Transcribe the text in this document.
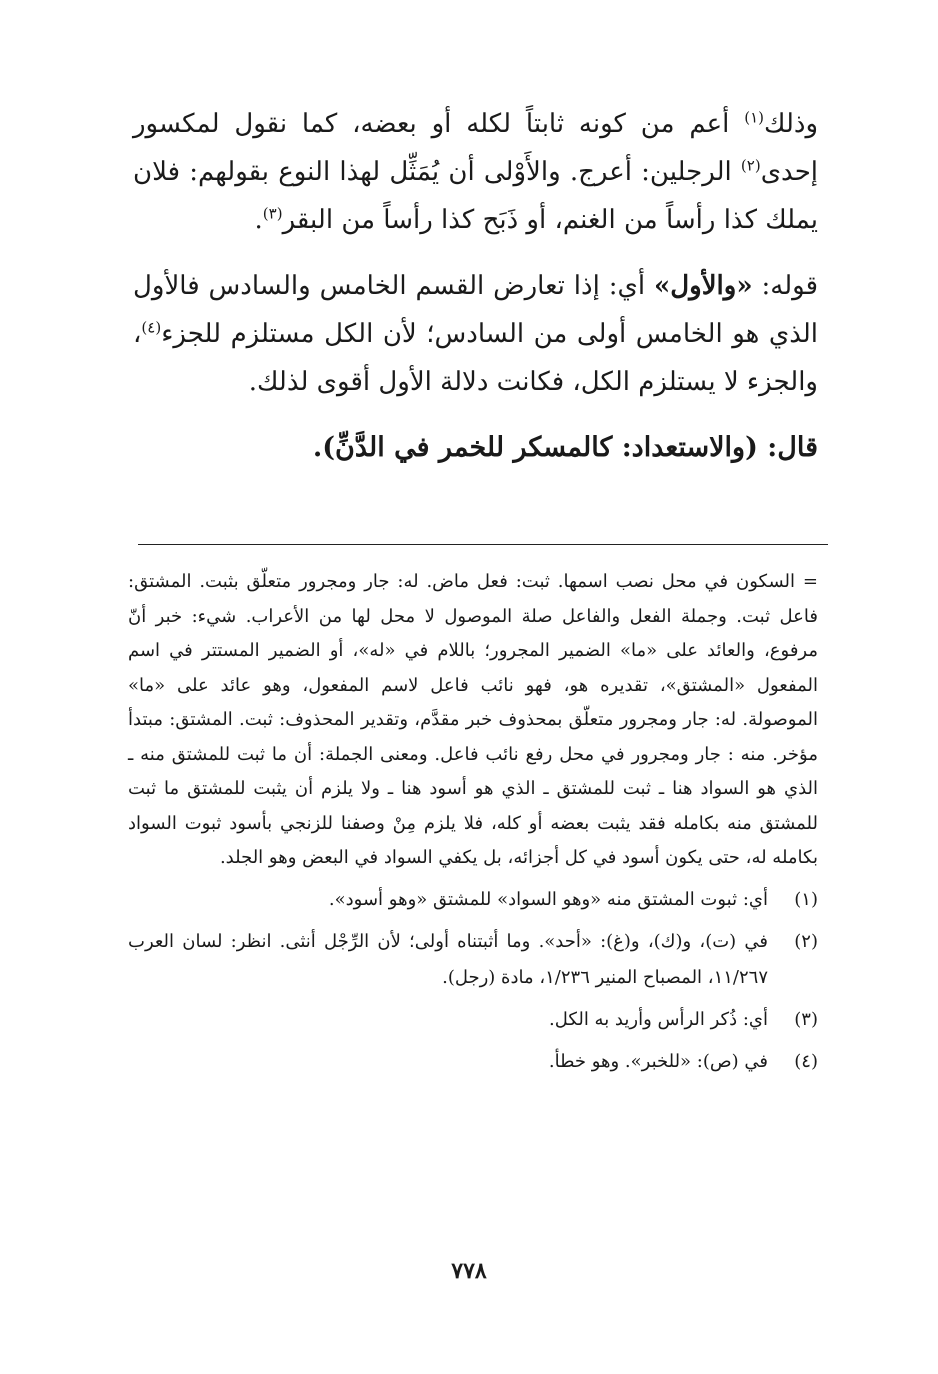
وذلك$^{(١)}$ أعم من كونه ثابتاً لكله أو بعضه، كما نقول لمكسور إحدى$^{(٢)}$ الرجلين: أعرج. والأَوْلى أن يُمَثِّل لهذا النوع بقولهم: فلان يملك كذا رأساً من الغنم، أو ذَبَح كذا رأساً من البقر$^{(٣)}$.

قوله: «والأول» أي: إذا تعارض القسم الخامس والسادس فالأول الذي هو الخامس أولى من السادس؛ لأن الكل مستلزم للجزء$^{(٤)}$، والجزء لا يستلزم الكل، فكانت دلالة الأول أقوى لذلك.

قال: (والاستعداد: كالمسكر للخمر في الدَّنِّ).

= السكون في محل نصب اسمها. ثبت: فعل ماض. له: جار ومجرور متعلّق بثبت. المشتق: فاعل ثبت. وجملة الفعل والفاعل صلة الموصول لا محل لها من الأعراب. شيء: خبر أنّ مرفوع، والعائد على «ما» الضمير المجرور؛ باللام في «له»، أو الضمير المستتر في اسم المفعول «المشتق»، تقديره هو، فهو نائب فاعل لاسم المفعول، وهو عائد على «ما» الموصولة. له: جار ومجرور متعلّق بمحذوف خبر مقدَّم، وتقدير المحذوف: ثبت. المشتق: مبتدأ مؤخر. منه : جار ومجرور في محل رفع نائب فاعل. ومعنى الجملة: أن ما ثبت للمشتق منه ـ الذي هو السواد هنا ـ ثبت للمشتق ـ الذي هو أسود هنا ـ ولا يلزم أن يثبت للمشتق ما ثبت للمشتق منه بكامله فقد يثبت بعضه أو كله، فلا يلزم مِنْ وصفنا للزنجي بأسود ثبوت السواد بكامله له، حتى يكون أسود في كل أجزائه، بل يكفي السواد في البعض وهو الجلد.

(١)
أي: ثبوت المشتق منه «وهو السواد» للمشتق «وهو أسود».

(٢)
في (ت)، و(ك)، و(غ): «أحد». وما أثبتناه أولى؛ لأن الرِّجْل أنثى. انظر: لسان العرب ١١/٢٦٧، المصباح المنير ١/٢٣٦، مادة (رجل).

(٣)
أي: ذُكر الرأس وأريد به الكل.

(٤)
في (ص): «للخبر». وهو خطأ.

٧٧٨
